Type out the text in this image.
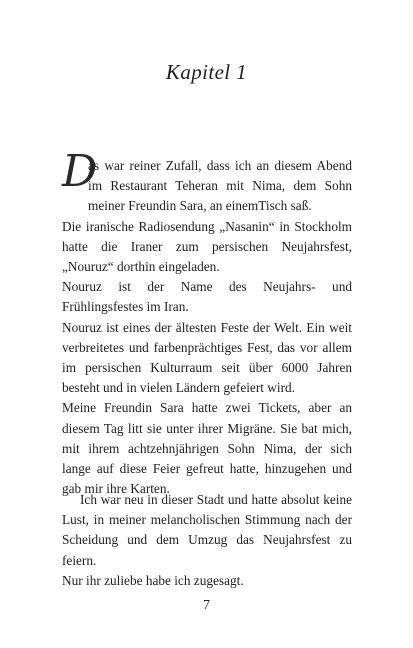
Kapitel 1
D

as war reiner Zufall, dass ich an diesem Abend im Restaurant Teheran mit Nima, dem Sohn meiner Freundin Sara, an einemTisch saß.

Die iranische Radiosendung „Nasanin“ in Stockholm hatte die Iraner zum persischen Neujahrsfest, „Nouruz“ dorthin eingeladen.

Nouruz ist der Name des Neujahrs- und Frühlingsfestes im Iran.

Nouruz ist eines der ältesten Feste der Welt. Ein weit verbreitetes und farbenprächtiges Fest, das vor allem im persischen Kulturraum seit über 6000 Jahren besteht und in vielen Ländern gefeiert wird.

Meine Freundin Sara hatte zwei Tickets, aber an diesem Tag litt sie unter ihrer Migräne. Sie bat mich, mit ihrem achtzehnjährigen Sohn Nima, der sich lange auf diese Feier gefreut hatte, hinzugehen und gab mir ihre Karten.

Ich war neu in dieser Stadt und hatte absolut keine Lust, in meiner melancholischen Stimmung nach der Scheidung und dem Umzug das Neujahrsfest zu feiern.

Nur ihr zuliebe habe ich zugesagt.

7
